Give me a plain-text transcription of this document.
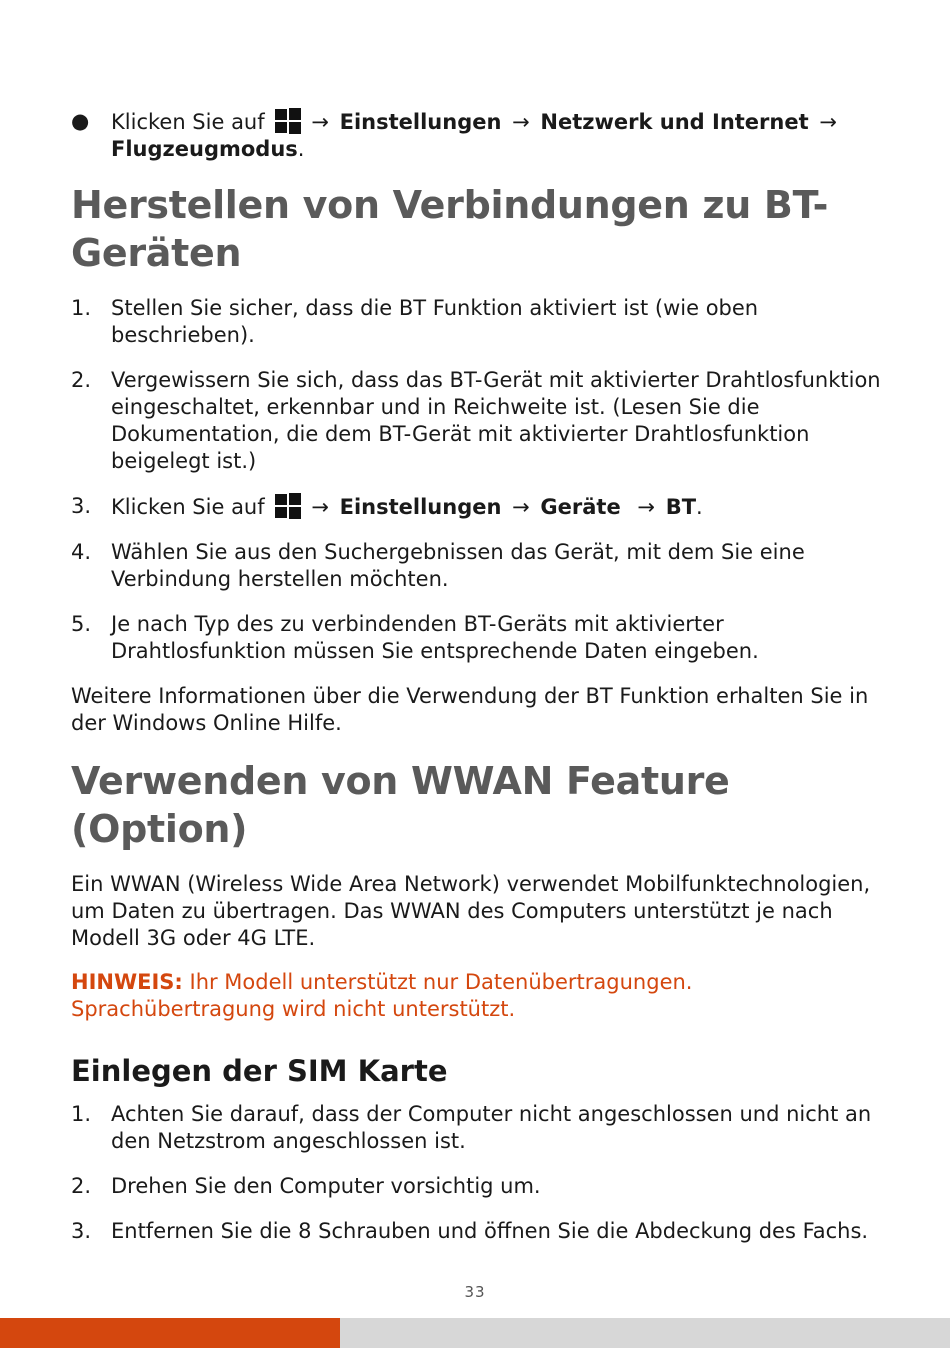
● Klicken Sie auf → Einstellungen → Netzwerk und Internet → Flugzeugmodus.
Herstellen von Verbindungen zu BT-Geräten
1. Stellen Sie sicher, dass die BT Funktion aktiviert ist (wie oben beschrieben).
2. Vergewissern Sie sich, dass das BT-Gerät mit aktivierter Drahtlosfunktion eingeschaltet, erkennbar und in Reichweite ist. (Lesen Sie die Dokumentation, die dem BT-Gerät mit aktivierter Drahtlosfunktion beigelegt ist.)
3. Klicken Sie auf → Einstellungen → Geräte → BT.
4. Wählen Sie aus den Suchergebnissen das Gerät, mit dem Sie eine Verbindung herstellen möchten.
5. Je nach Typ des zu verbindenden BT-Geräts mit aktivierter Drahtlosfunktion müssen Sie entsprechende Daten eingeben.

Weitere Informationen über die Verwendung der BT Funktion erhalten Sie in der Windows Online Hilfe.

Verwenden von WWAN Feature (Option)

Ein WWAN (Wireless Wide Area Network) verwendet Mobilfunktechnologien, um Daten zu übertragen. Das WWAN des Computers unterstützt je nach Modell 3G oder 4G LTE.

HINWEIS: Ihr Modell unterstützt nur Datenübertragungen. Sprachübertragung wird nicht unterstützt.

Einlegen der SIM Karte
1. Achten Sie darauf, dass der Computer nicht angeschlossen und nicht an den Netzstrom angeschlossen ist.
2. Drehen Sie den Computer vorsichtig um.
3. Entfernen Sie die 8 Schrauben und öffnen Sie die Abdeckung des Fachs.
33
